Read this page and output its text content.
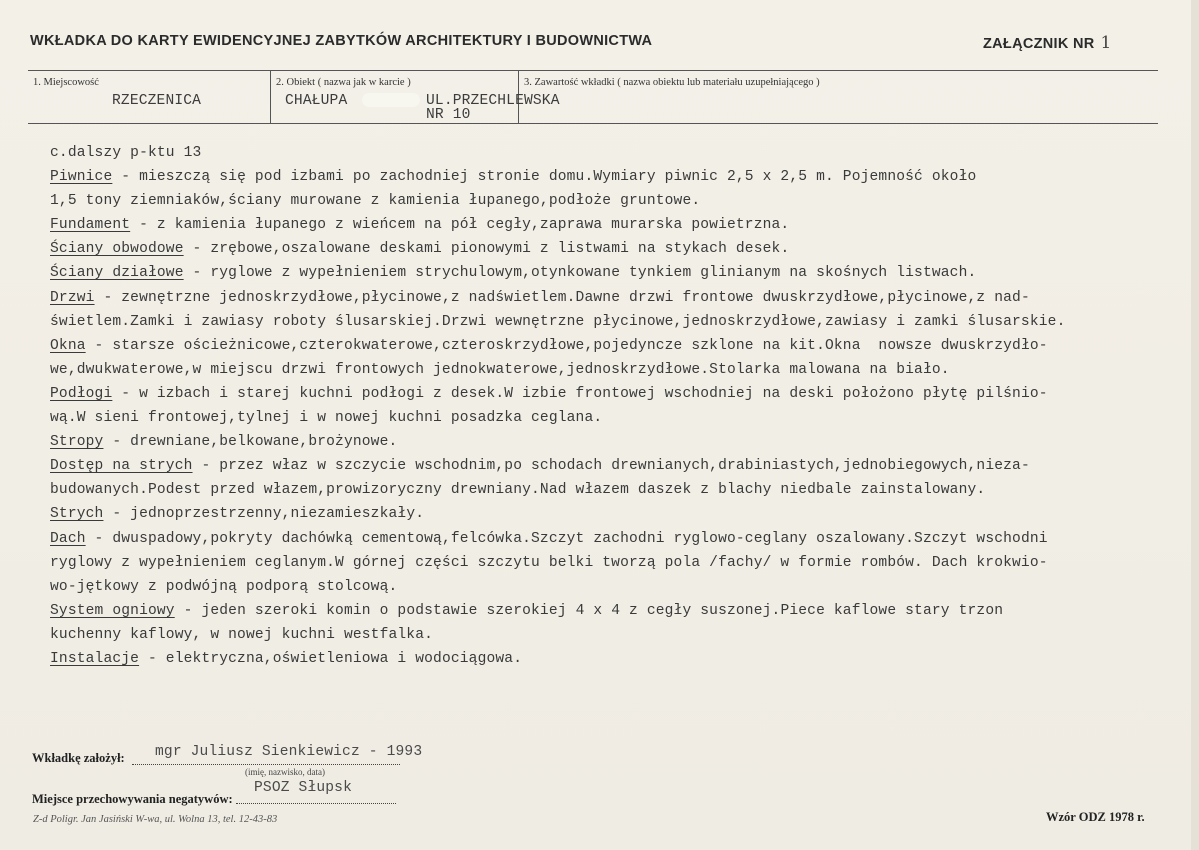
WKŁADKA DO KARTY EWIDENCYJNEJ ZABYTKÓW ARCHITEKTURY I BUDOWNICTWA	ZAŁĄCZNIK NR 1
1. Miejscowość
RZECZENICA
2. Obiekt ( nazwa jak w karcie )
CHAŁUPA	UL.PRZECHLEWSKA
NR 10
3. Zawartość wkładki ( nazwa obiektu lub materiału uzupełniającego )
c.dalszy p-ktu 13
Piwnice - mieszczą się pod izbami po zachodniej stronie domu.Wymiary piwnic 2,5 x 2,5 m. Pojemność około
1,5 tony ziemniaków,ściany murowane z kamienia łupanego,podłoże gruntowe.
Fundament - z kamienia łupanego z wieńcem na pół cegły,zaprawa murarska powietrzna.
Ściany obwodowe - zrębowe,oszalowane deskami pionowymi z listwami na stykach desek.
Ściany działowe - ryglowe z wypełnieniem strychulowym,otynkowane tynkiem glinianym na skośnych listwach.
Drzwi - zewnętrzne jednoskrzydłowe,płycinowe,z nadświetlem.Dawne drzwi frontowe dwuskrzydłowe,płycinowe,z nad-
świetlem.Zamki i zawiasy roboty ślusarskiej.Drzwi wewnętrzne płycinowe,jednoskrzydłowe,zawiasy i zamki ślusarskie.
Okna - starsze ościeżnicowe,czterokwaterowe,czteroskrzydłowe,pojedyncze szklone na kit.Okna  nowsze dwuskrzydło-
we,dwukwaterowe,w miejscu drzwi frontowych jednokwaterowe,jednoskrzydłowe.Stolarka malowana na biało.
Podłogi - w izbach i starej kuchni podłogi z desek.W izbie frontowej wschodniej na deski położono płytę pilśnio-
wą.W sieni frontowej,tylnej i w nowej kuchni posadzka ceglana.
Stropy - drewniane,belkowane,brożynowe.
Dostęp na strych - przez właz w szczycie wschodnim,po schodach drewnianych,drabiniastych,jednobiegowych,nieza-
budowanych.Podest przed włazem,prowizoryczny drewniany.Nad włazem daszek z blachy niedbale zainstalowany.
Strych - jednoprzestrzenny,niezamieszkały.
Dach - dwuspadowy,pokryty dachówką cementową,felcówka.Szczyt zachodni ryglowo-ceglany oszalowany.Szczyt wschodni
ryglowy z wypełnieniem ceglanym.W górnej części szczytu belki tworzą pola /fachy/ w formie rombów. Dach krokwio-
wo-jętkowy z podwójną podporą stolcową.
System ogniowy - jeden szeroki komin o podstawie szerokiej 4 x 4 z cegły suszonej.Piece kaflowe stary trzon
kuchenny kaflowy, w nowej kuchni westfalka.
Instalacje - elektryczna,oświetleniowa i wodociągowa.
Wkładkę założył: mgr Juliusz Sienkiewicz - 1993
(imię, nazwisko, data)
Miejsce przechowywania negatywów:
PSOZ Słupsk
Z-d Poligr. Jan Jasiński W-wa, ul. Wolna 13, tel. 12-43-83	Wzór ODZ 1978 r.
